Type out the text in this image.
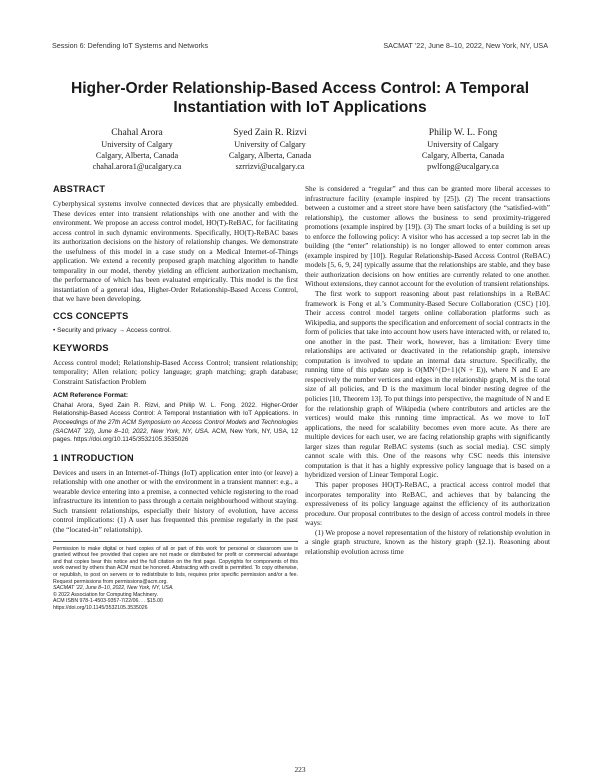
Session 6: Defending IoT Systems and Networks	SACMAT ’22, June 8–10, 2022, New York, NY, USA
Higher-Order Relationship-Based Access Control: A Temporal Instantiation with IoT Applications
Chahal Arora
University of Calgary
Calgary, Alberta, Canada
chahal.arora1@ucalgary.ca
Syed Zain R. Rizvi
University of Calgary
Calgary, Alberta, Canada
szrrizvi@ucalgary.ca
Philip W. L. Fong
University of Calgary
Calgary, Alberta, Canada
pwlfong@ucalgary.ca
ABSTRACT

Cyberphysical systems involve connected devices that are physically embedded. These devices enter into transient relationships with one another and with the environment. We propose an access control model, HO(T)-ReBAC, for facilitating access control in such dynamic environments. Specifically, HO(T)-ReBAC bases its authorization decisions on the history of relationship changes. We demonstrate the usefulness of this model in a case study on a Medical Internet-of-Things application. We extend a recently proposed graph matching algorithm to handle temporality in our model, thereby yielding an efficient authorization mechanism, the performance of which has been evaluated empirically. This model is the first instantiation of a general idea, Higher-Order Relationship-Based Access Control, that we have been developing.

CCS CONCEPTS

• Security and privacy → Access control.

KEYWORDS

Access control model; Relationship-Based Access Control; transient relationship; temporality; Allen relation; policy language; graph matching; graph database; Constraint Satisfaction Problem

ACM Reference Format:

Chahal Arora, Syed Zain R. Rizvi, and Philip W. L. Fong. 2022. Higher-Order Relationship-Based Access Control: A Temporal Instantiation with IoT Applications. In Proceedings of the 27th ACM Symposium on Access Control Models and Technologies (SACMAT ’22), June 8–10, 2022, New York, NY, USA. ACM, New York, NY, USA, 12 pages. https://doi.org/10.1145/3532105.3535026

1 INTRODUCTION

Devices and users in an Internet-of-Things (IoT) application enter into (or leave) a relationship with one another or with the environment in a transient manner: e.g., a wearable device entering into a premise, a connected vehicle registering to the road infrastructure its intention to pass through a certain neighbourhood without staying. Such transient relationships, especially their history of evolution, have access control implications: (1) A user has frequented this premise regularly in the past (the “located-in” relationship).

Permission to make digital or hard copies of all or part of this work for personal or classroom use is granted without fee provided that copies are not made or distributed for profit or commercial advantage and that copies bear this notice and the full citation on the first page. Copyrights for components of this work owned by others than ACM must be honored. Abstracting with credit is permitted. To copy otherwise, or republish, to post on servers or to redistribute to lists, requires prior specific permission and/or a fee. Request permissions from permissions@acm.org.

SACMAT ’22, June 8–10, 2022, New York, NY, USA.

© 2022 Association for Computing Machinery.

ACM ISBN 978-1-4503-9357-7/22/06. . . $15.00

https://doi.org/10.1145/3532105.3535026

She is considered a “regular” and thus can be granted more liberal accesses to infrastructure facility (example inspired by [25]). (2) The recent transactions between a customer and a street store have been satisfactory (the “satisfied-with” relationship), the customer allows the business to send proximity-triggered promotions (example inspired by [19]). (3) The smart locks of a building is set up to enforce the following policy: A visitor who has accessed a top secret lab in the building (the “enter” relationship) is no longer allowed to enter common areas (example inspired by [10]). Regular Relationship-Based Access Control (ReBAC) models [5, 6, 9, 24] typically assume that the relationships are stable, and they base their authorization decisions on how entities are currently related to one another. Without extensions, they cannot account for the evolution of transient relationships.

The first work to support reasoning about past relationships in a ReBAC framework is Fong et al.’s Community-Based Secure Collaboration (CSC) [10]. Their access control model targets online collaboration platforms such as Wikipedia, and supports the specification and enforcement of social contracts in the form of policies that take into account how users have interacted with, or related to, one another in the past. Their work, however, has a limitation: Every time relationships are activated or deactivated in the relationship graph, intensive computation is involved to update an internal data structure. Specifically, the running time of this update step is O(MN^{D+1}(N + E)), where N and E are respectively the number vertices and edges in the relationship graph, M is the total size of all policies, and D is the maximum local binder nesting degree of the policies [10, Theorem 13]. To put things into perspective, the magnitude of N and E for the relationship graph of Wikipedia (where contributors and articles are the vertices) would make this running time impractical. As we move to IoT applications, the need for scalability becomes even more acute. As there are multiple devices for each user, we are facing relationship graphs with significantly larger sizes than regular ReBAC systems (such as social media). CSC simply cannot scale with this. One of the reasons why CSC needs this intensive computation is that it has a highly expressive policy language that is based on a hybridized version of Linear Temporal Logic.

This paper proposes HO(T)-ReBAC, a practical access control model that incorporates temporality into ReBAC, and achieves that by balancing the expressiveness of its policy language against the efficiency of its authorization procedure. Our proposal contributes to the design of access control models in three ways:

(1) We propose a novel representation of the history of relationship evolution in a single graph structure, known as the history graph (§2.1). Reasoning about relationship evolution across time

223
